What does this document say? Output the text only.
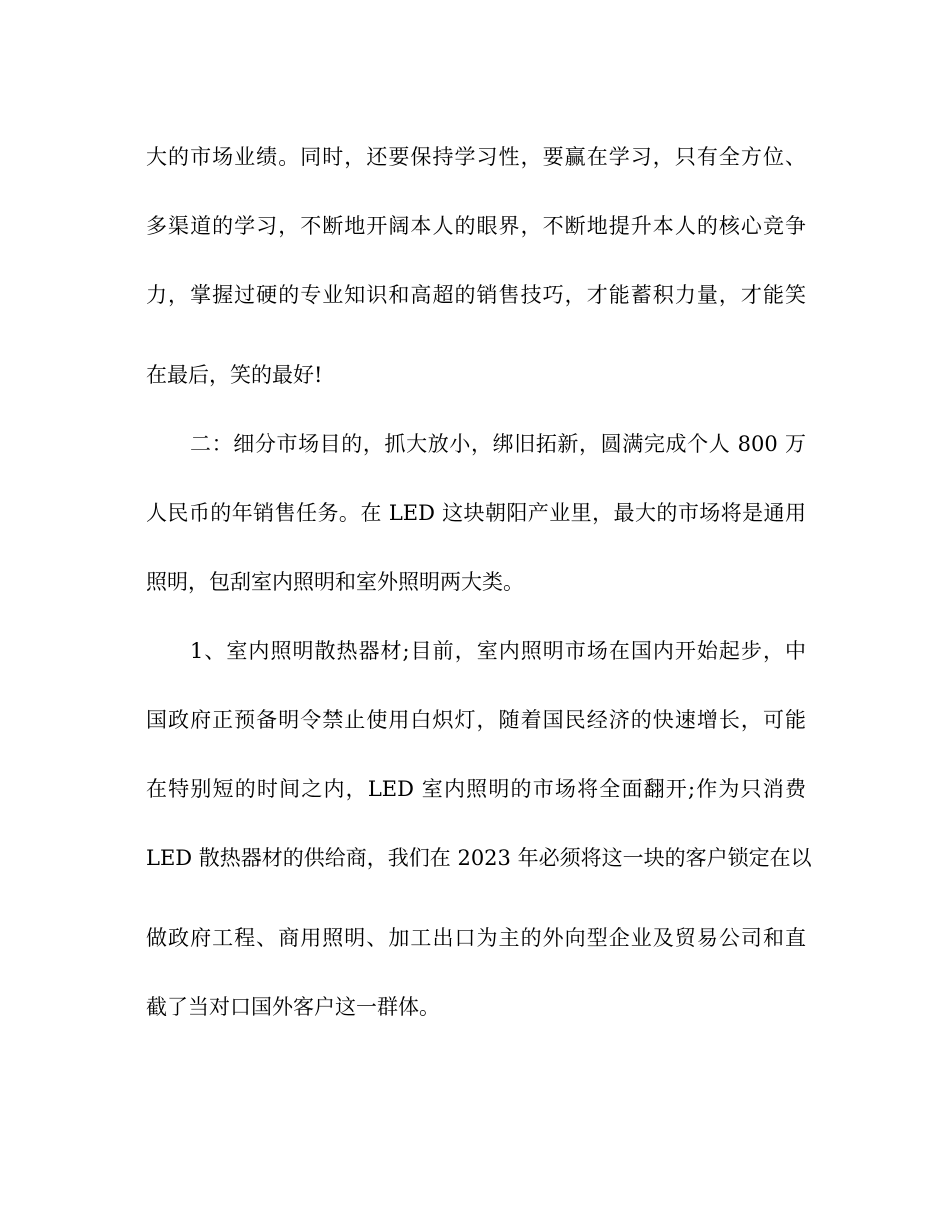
大的市场业绩。同时，还要保持学习性，要赢在学习，只有全方位、
多渠道的学习，不断地开阔本人的眼界，不断地提升本人的核心竞争
力，掌握过硬的专业知识和高超的销售技巧，才能蓄积力量，才能笑
在最后，笑的最好!
二：细分市场目的，抓大放小，绑旧拓新，圆满完成个人 800 万
人民币的年销售任务。在 LED 这块朝阳产业里，最大的市场将是通用
照明，包刮室内照明和室外照明两大类。
1、室内照明散热器材;目前，室内照明市场在国内开始起步，中
国政府正预备明令禁止使用白炽灯，随着国民经济的快速增长，可能
在特别短的时间之内，LED 室内照明的市场将全面翻开;作为只消费
LED 散热器材的供给商，我们在 2023 年必须将这一块的客户锁定在以
做政府工程、商用照明、加工出口为主的外向型企业及贸易公司和直
截了当对口国外客户这一群体。
